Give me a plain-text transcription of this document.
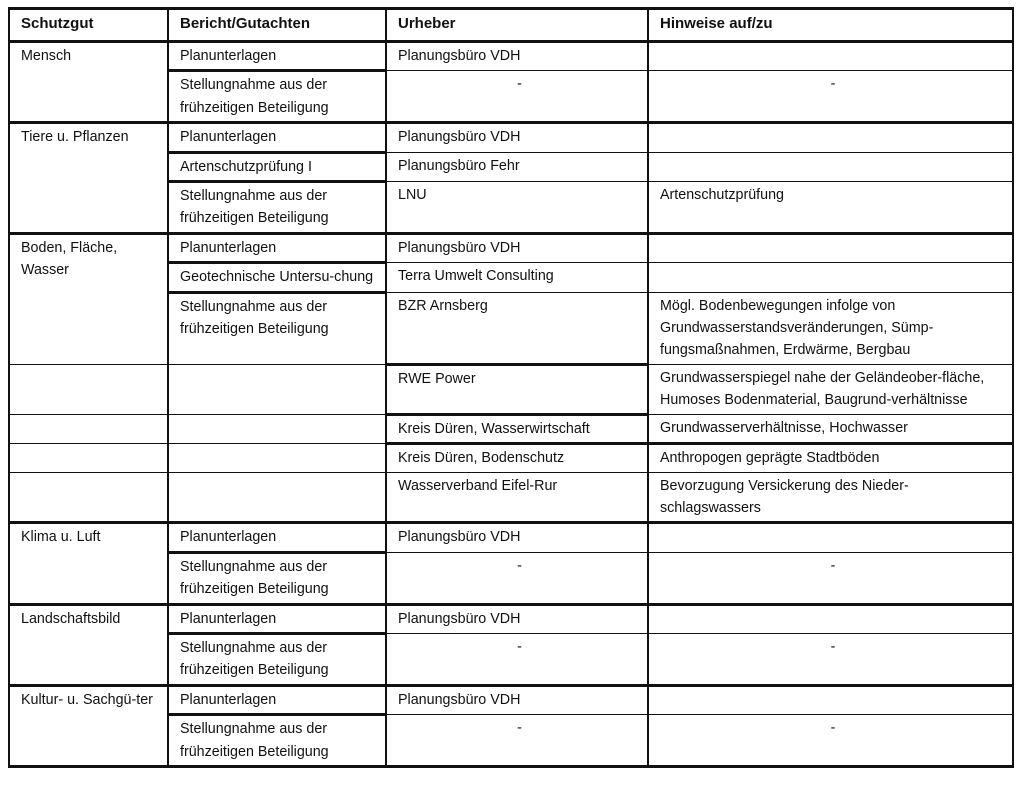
Schutzgut	Bericht/Gutachten	Urheber	Hinweise auf/zu
Mensch	Planunterlagen	Planungsbüro VDH	
	Stellungnahme aus der frühzeitigen Beteiligung	-	-
Tiere u. Pflanzen	Planunterlagen	Planungsbüro VDH	
	Artenschutzprüfung I	Planungsbüro Fehr	
	Stellungnahme aus der frühzeitigen Beteiligung	LNU	Artenschutzprüfung
Boden, Fläche, Wasser	Planunterlagen	Planungsbüro VDH	
	Geotechnische Untersu-chung	Terra Umwelt Consulting	
	Stellungnahme aus der frühzeitigen Beteiligung	BZR Arnsberg	Mögl. Bodenbewegungen infolge von Grundwasserstandsveränderungen, Sümp-fungsmaßnahmen, Erdwärme, Bergbau
		RWE Power	Grundwasserspiegel nahe der Geländeober-fläche, Humoses Bodenmaterial, Baugrund-verhältnisse
		Kreis Düren, Wasserwirtschaft	Grundwasserverhältnisse, Hochwasser
		Kreis Düren, Bodenschutz	Anthropogen geprägte Stadtböden
		Wasserverband Eifel-Rur	Bevorzugung Versickerung des Nieder-schlagswassers
Klima u. Luft	Planunterlagen	Planungsbüro VDH	
	Stellungnahme aus der frühzeitigen Beteiligung	-	-
Landschaftsbild	Planunterlagen	Planungsbüro VDH	
	Stellungnahme aus der frühzeitigen Beteiligung	-	-
Kultur- u. Sachgü-ter	Planunterlagen	Planungsbüro VDH	
	Stellungnahme aus der frühzeitigen Beteiligung	-	-
